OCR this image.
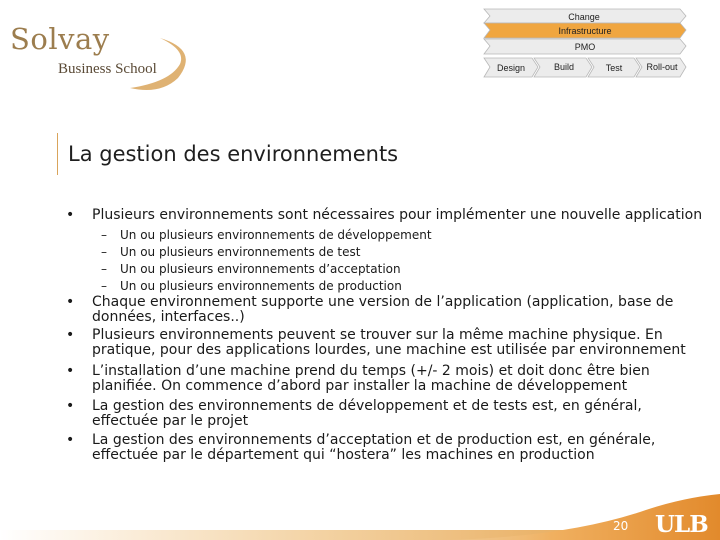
Solvay
Business School
Change
Infrastructure
PMO
Design	Build	Test	Roll-out
La gestion des environnements
• Plusieurs environnements sont nécessaires pour implémenter une nouvelle application
– Un ou plusieurs environnements de développement
– Un ou plusieurs environnements de test
– Un ou plusieurs environnements d’acceptation
– Un ou plusieurs environnements de production
• Chaque environnement supporte une version de l’application (application, base de données, interfaces..)
• Plusieurs environnements peuvent se trouver sur la même machine physique. En pratique, pour des applications lourdes, une machine est utilisée par environnement
• L’installation d’une machine prend du temps (+/- 2 mois) et doit donc être bien planifiée. On commence d’abord par installer la machine de développement
• La gestion des environnements de développement et de tests est, en général, effectuée par le projet
• La gestion des environnements d’acceptation et de production est, en générale, effectuée par le département qui “hostera” les machines en production
20 ULB
